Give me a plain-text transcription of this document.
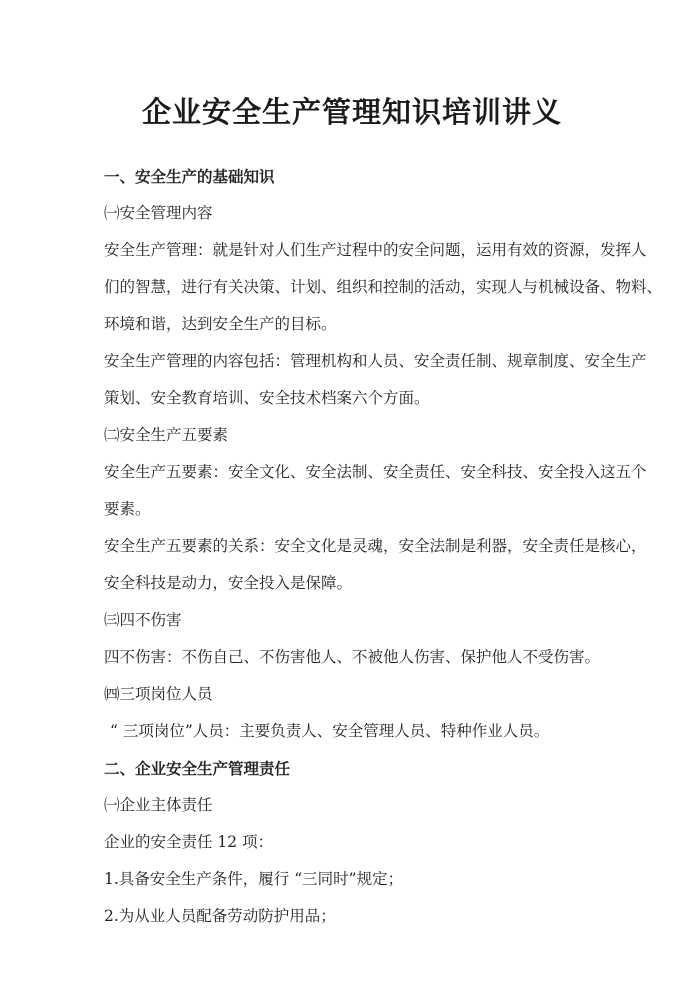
企业安全生产管理知识培训讲义

一、安全生产的基础知识

㈠安全管理内容

安全生产管理：就是针对人们生产过程中的安全问题，运用有效的资源，发挥人

们的智慧，进行有关决策、计划、组织和控制的活动，实现人与机械设备、物料、

环境和谐，达到安全生产的目标。

安全生产管理的内容包括：管理机构和人员、安全责任制、规章制度、安全生产

策划、安全教育培训、安全技术档案六个方面。

㈡安全生产五要素

安全生产五要素：安全文化、安全法制、安全责任、安全科技、安全投入这五个

要素。

安全生产五要素的关系：安全文化是灵魂，安全法制是利器，安全责任是核心，

安全科技是动力，安全投入是保障。

㈢四不伤害

四不伤害：不伤自己、不伤害他人、不被他人伤害、保护他人不受伤害。

㈣三项岗位人员

“ 三项岗位”人员：主要负责人、安全管理人员、特种作业人员。

二、企业安全生产管理责任

㈠企业主体责任

企业的安全责任 12 项：

1.具备安全生产条件，履行 “三同时”规定；

2.为从业人员配备劳动防护用品；
